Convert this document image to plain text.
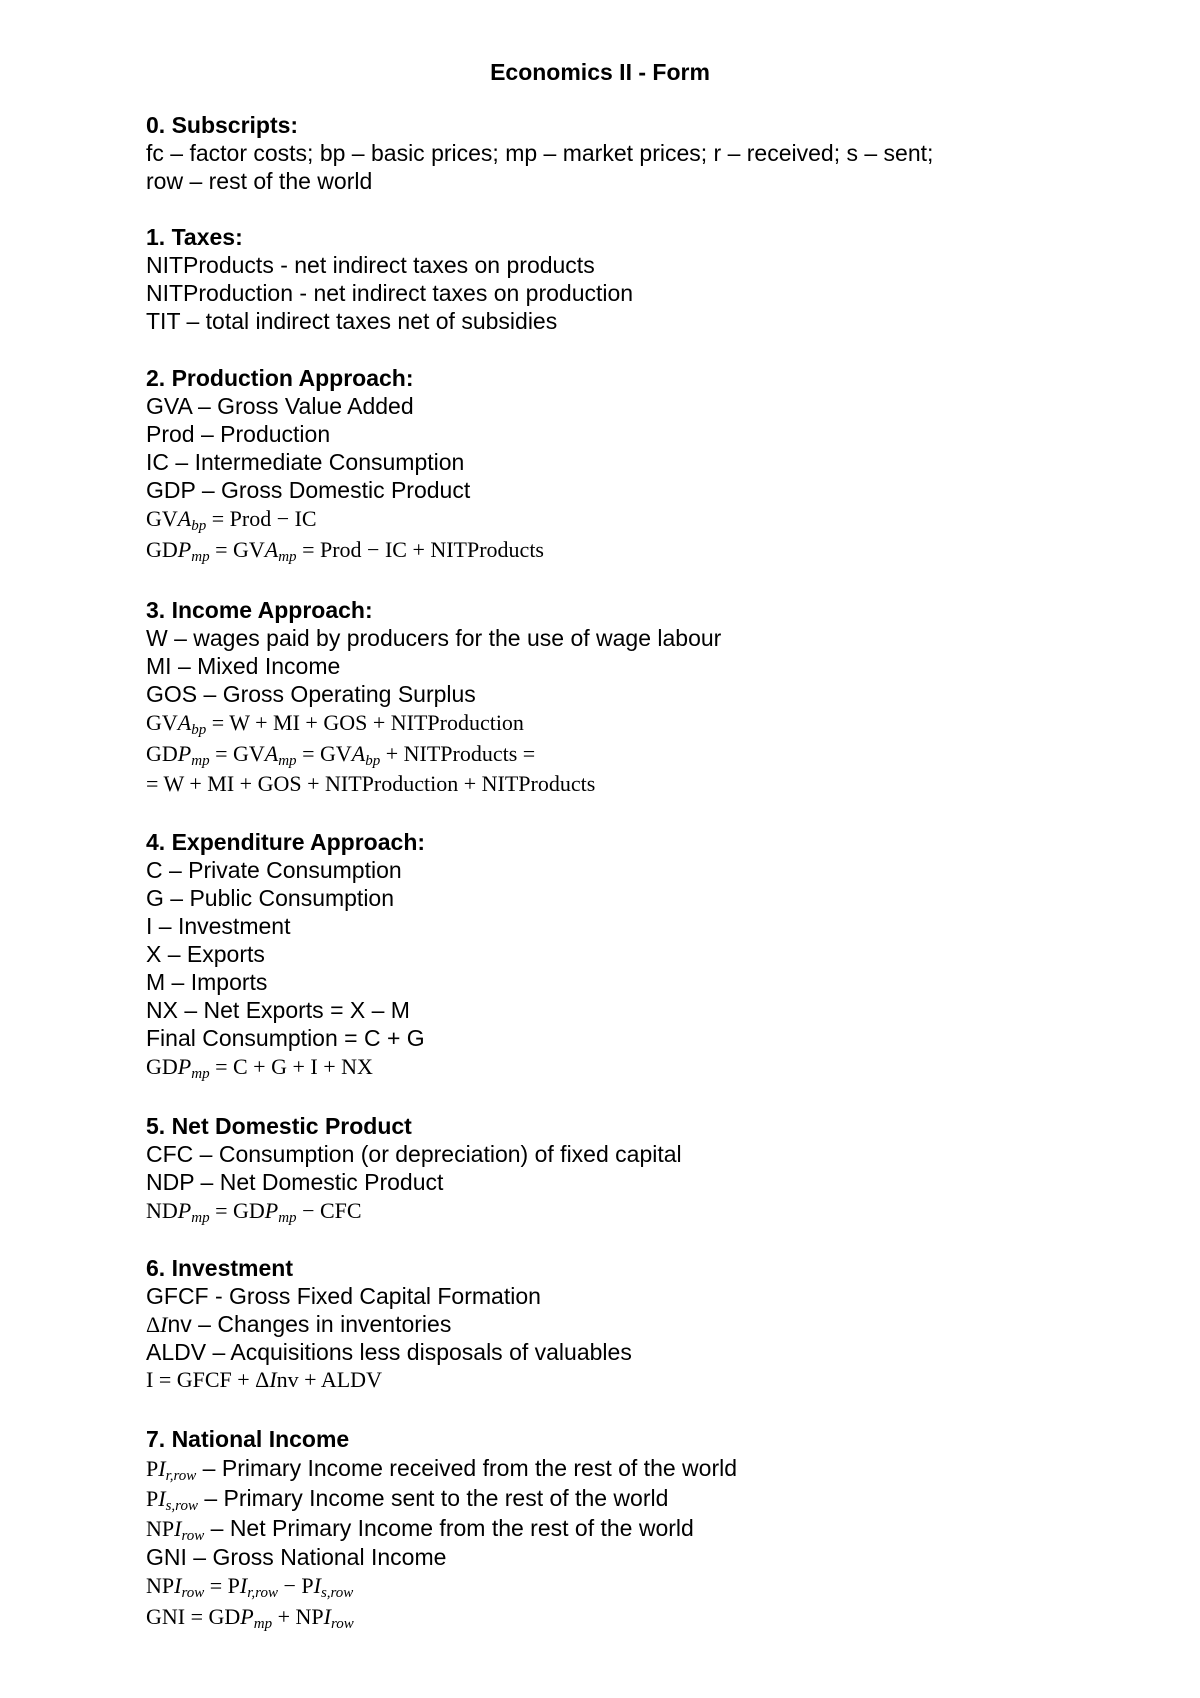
Economics II - Form
0. Subscripts:
fc – factor costs; bp – basic prices; mp – market prices; r – received; s – sent;
row – rest of the world
1. Taxes:
NITProducts - net indirect taxes on products
NITProduction - net indirect taxes on production
TIT – total indirect taxes net of subsidies
2. Production Approach:
GVA – Gross Value Added
Prod – Production
IC – Intermediate Consumption
GDP – Gross Domestic Product
$GVA_{bp}$ = Prod − IC
$GDP_{mp} = GVA_{mp}$ = Prod − IC + NITProducts
3. Income Approach:
W – wages paid by producers for the use of wage labour
MI – Mixed Income
GOS – Gross Operating Surplus
$GVA_{bp} = W$ + MI + GOS + NITProduction
$GDP_{mp} = GVA_{mp} = GVA_{bp}$ + NITProducts =
= W + MI + GOS + NITProduction + NITProducts
4. Expenditure Approach:
C – Private Consumption
G – Public Consumption
I – Investment
X – Exports
M – Imports
NX – Net Exports = X – M
Final Consumption = C + G
$GDP_{mp} = C + G + I$ + NX
5. Net Domestic Product
CFC – Consumption (or depreciation) of fixed capital
NDP – Net Domestic Product
$NDP_{mp} = GDP_{mp}$ − CFC
6. Investment
GFCF - Gross Fixed Capital Formation
ΔInv – Changes in inventories
ALDV – Acquisitions less disposals of valuables
I = GFCF + ΔInv + ALDV
7. National Income
$PI_{r,row}$ – Primary Income received from the rest of the world
$PI_{s,row}$ – Primary Income sent to the rest of the world
$NPI_{row}$ – Net Primary Income from the rest of the world
GNI – Gross National Income
$NPI_{row} = PI_{r,row} - PI_{s,row}$
GNI = $GDP_{mp} + NPI_{row}$
